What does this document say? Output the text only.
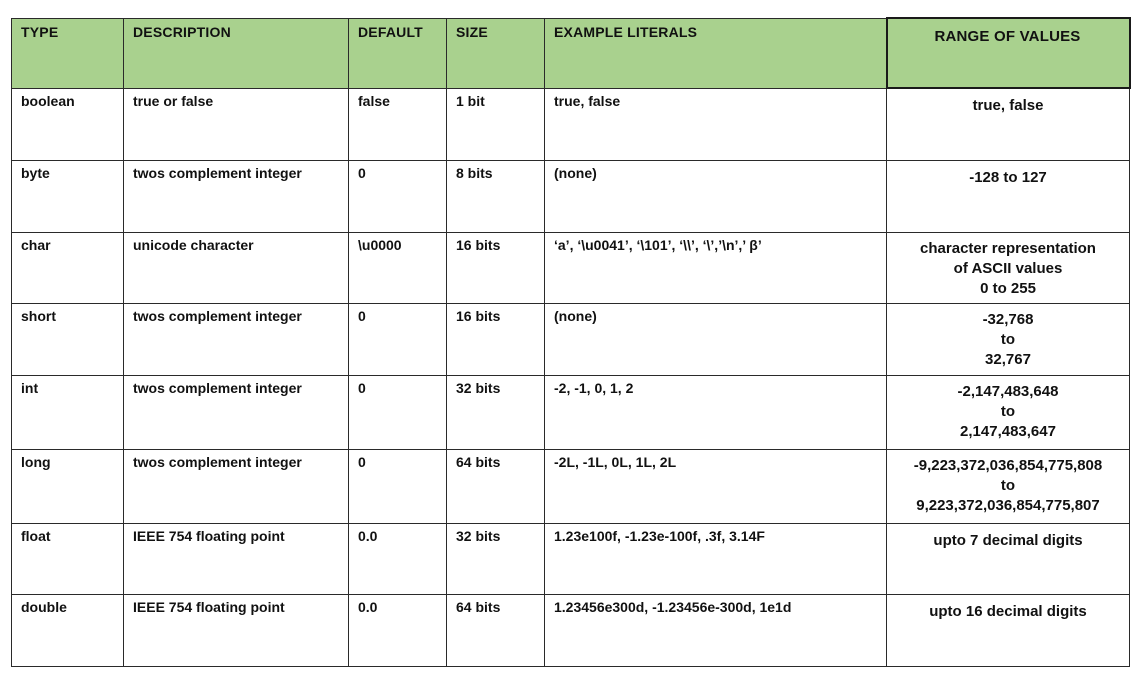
TYPE	DESCRIPTION	DEFAULT	SIZE	EXAMPLE LITERALS	RANGE OF VALUES

boolean	true or false	false	1 bit	true, false	true, false

byte	twos complement integer	0	8 bits	(none)	-128 to 127

char	unicode character	\u0000	16 bits	‘a’, ‘\u0041’, ‘\101’, ‘\\’, ‘\’,’\n’,’ β’	character representation
of ASCII values
0 to 255

short	twos complement integer	0	16 bits	(none)	-32,768
to
32,767

int	twos complement integer	0	32 bits	-2, -1, 0, 1, 2	-2,147,483,648
to
2,147,483,647

long	twos complement integer	0	64 bits	-2L, -1L, 0L, 1L, 2L	-9,223,372,036,854,775,808
to
9,223,372,036,854,775,807

float	IEEE 754 floating point	0.0	32 bits	1.23e100f, -1.23e-100f, .3f, 3.14F	upto 7 decimal digits

double	IEEE 754 floating point	0.0	64 bits	1.23456e300d, -1.23456e-300d, 1e1d	upto 16 decimal digits
